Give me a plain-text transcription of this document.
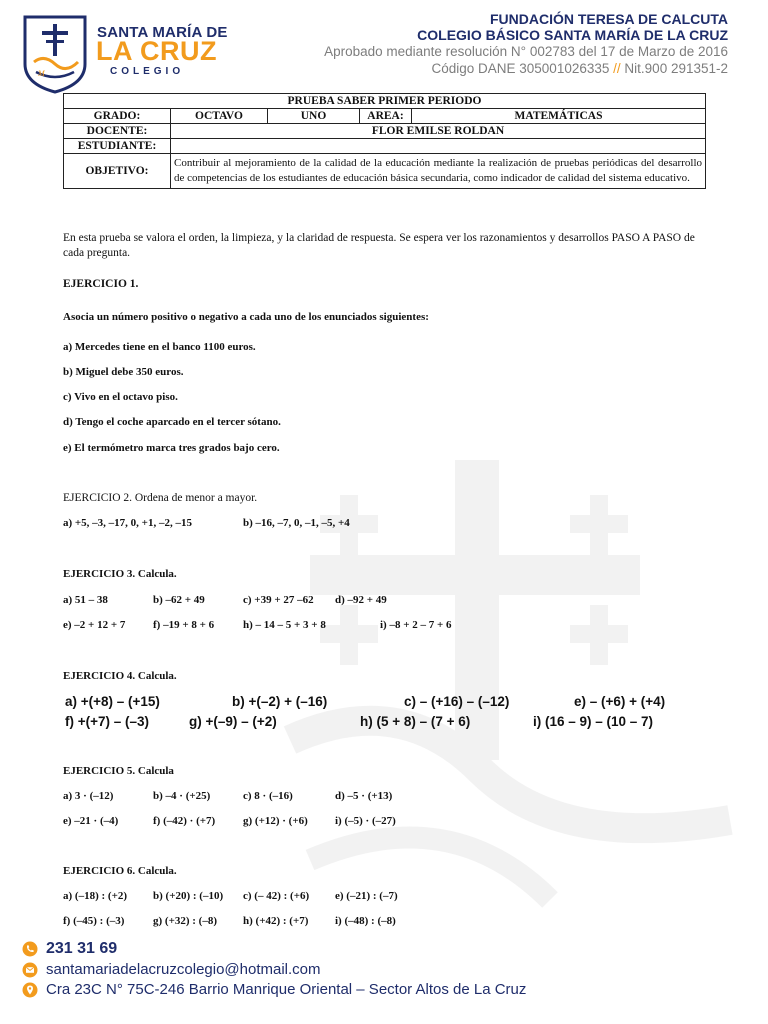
M
SANTA MARÍA DE
LA CRUZ
COLEGIO
FUNDACIÓN TERESA DE CALCUTA
COLEGIO BÁSICO SANTA MARÍA DE LA CRUZ
Aprobado mediante resolución N° 002783 del 17 de Marzo de 2016
Código DANE 305001026335 // Nit.900 291351-2
PRUEBA SABER PRIMER PERIODO				
GRADO:	OCTAVO	UNO	AREA:	MATEMÁTICAS
DOCENTE:	FLOR EMILSE ROLDAN			
ESTUDIANTE:				
OBJETIVO:	Contribuir al mejoramiento de la calidad de la educación mediante la realización de pruebas periódicas del desarrollo de competencias de los estudiantes de educación básica secundaria, como indicador de calidad del sistema educativo.			
En esta prueba se valora el orden, la limpieza, y la claridad de respuesta. Se espera ver los razonamientos y desarrollos PASO A PASO de cada pregunta.
EJERCICIO 1.
Asocia un número positivo o negativo a cada uno de los enunciados siguientes:
a) Mercedes tiene en el banco 1100 euros.
b) Miguel debe 350 euros.
c) Vivo en el octavo piso.
d) Tengo el coche aparcado en el tercer sótano.
e) El termómetro marca tres grados bajo cero.
EJERCICIO 2. Ordena de menor a mayor.
a) +5, –3, –17, 0, +1, –2, –15	b) –16, –7, 0, –1, –5, +4
EJERCICIO 3. Calcula.
a) 51 – 38	b) –62 + 49	c) +39 + 27 –62 d) –92 + 49
e) –2 + 12 + 7	f) –19 + 8 + 6	h) – 14 – 5 + 3 + 8	i) –8 + 2 – 7 + 6
EJERCICIO 4. Calcula.
a) +(+8) – (+15)	b) +(–2) + (–16)	c) – (+16) – (–12)	e) – (+6) + (+4)
f) +(+7) – (–3)	g) +(–9) – (+2)	h) (5 + 8) – (7 + 6)	i) (16 – 9) – (10 – 7)
EJERCICIO 5. Calcula
a) 3 · (–12)	b) –4 · (+25)	c) 8 · (–16)	d) –5 · (+13)
e) –21 · (–4)	f) (–42) · (+7)	g) (+12) · (+6) i) (–5) · (–27)
EJERCICIO 6. Calcula.
a) (–18) : (+2) b) (+20) : (–10) c) (– 42) : (+6) e) (–21) : (–7)
f) (–45) : (–3)	g) (+32) : (–8) h) (+42) : (+7) i) (–48) : (–8)
231 31 69
santamariadelacruzcolegio@hotmail.com
Cra 23C N° 75C-246 Barrio Manrique Oriental – Sector Altos de La Cruz
